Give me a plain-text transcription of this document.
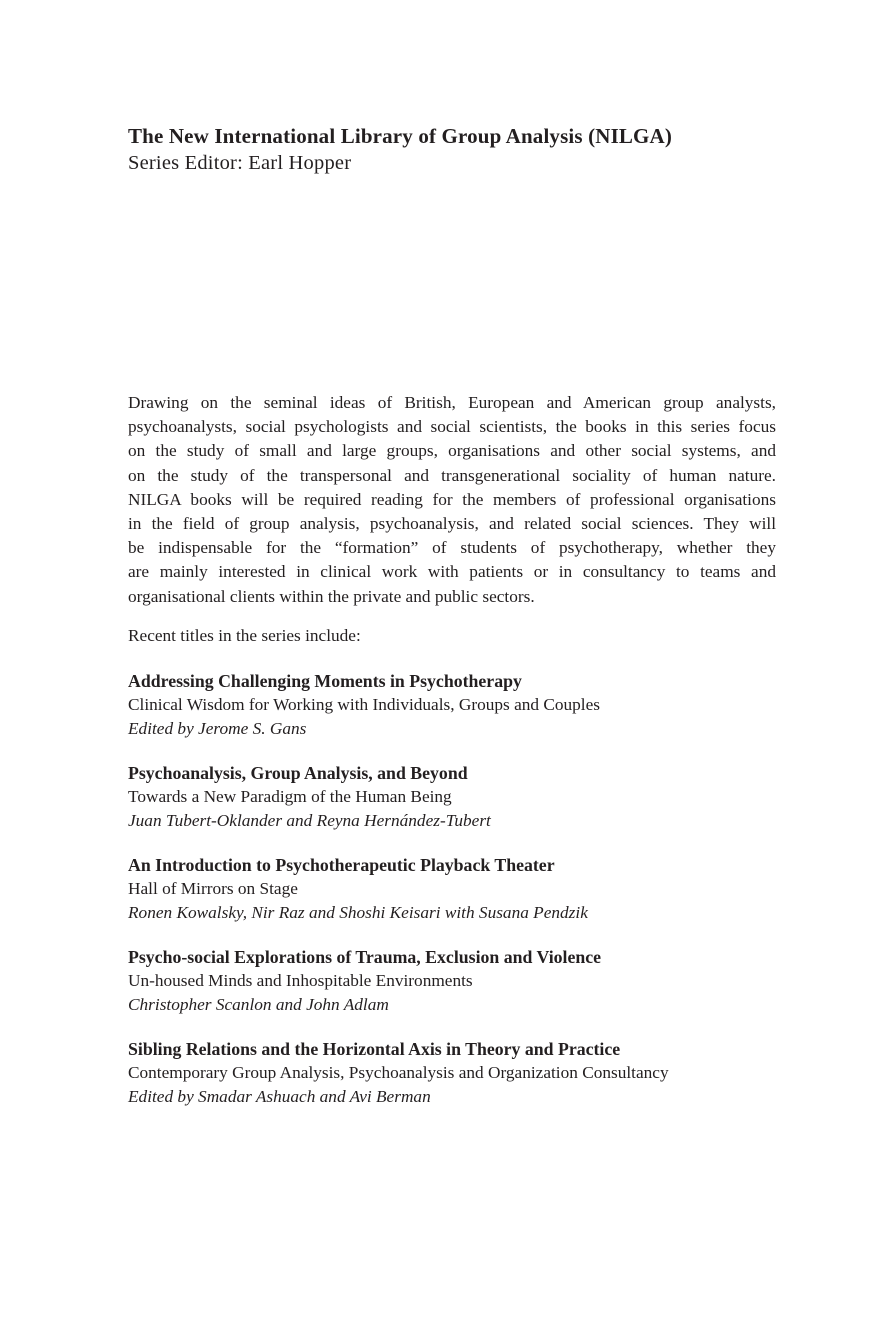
The New International Library of Group Analysis (NILGA)
Series Editor: Earl Hopper
Drawing on the seminal ideas of British, European and American group analysts,
psychoanalysts, social psychologists and social scientists, the books in this series focus
on the study of small and large groups, organisations and other social systems, and
on the study of the transpersonal and transgenerational sociality of human nature.
NILGA books will be required reading for the members of professional organisations
in the field of group analysis, psychoanalysis, and related social sciences. They will
be indispensable for the “formation” of students of psychotherapy, whether they
are mainly interested in clinical work with patients or in consultancy to teams and
organisational clients within the private and public sectors.
Recent titles in the series include:
Addressing Challenging Moments in Psychotherapy
Clinical Wisdom for Working with Individuals, Groups and Couples
Edited by Jerome S. Gans
Psychoanalysis, Group Analysis, and Beyond
Towards a New Paradigm of the Human Being
Juan Tubert-Oklander and Reyna Hernández-Tubert
An Introduction to Psychotherapeutic Playback Theater
Hall of Mirrors on Stage
Ronen Kowalsky, Nir Raz and Shoshi Keisari with Susana Pendzik
Psycho-social Explorations of Trauma, Exclusion and Violence
Un-housed Minds and Inhospitable Environments
Christopher Scanlon and John Adlam
Sibling Relations and the Horizontal Axis in Theory and Practice
Contemporary Group Analysis, Psychoanalysis and Organization Consultancy
Edited by Smadar Ashuach and Avi Berman
